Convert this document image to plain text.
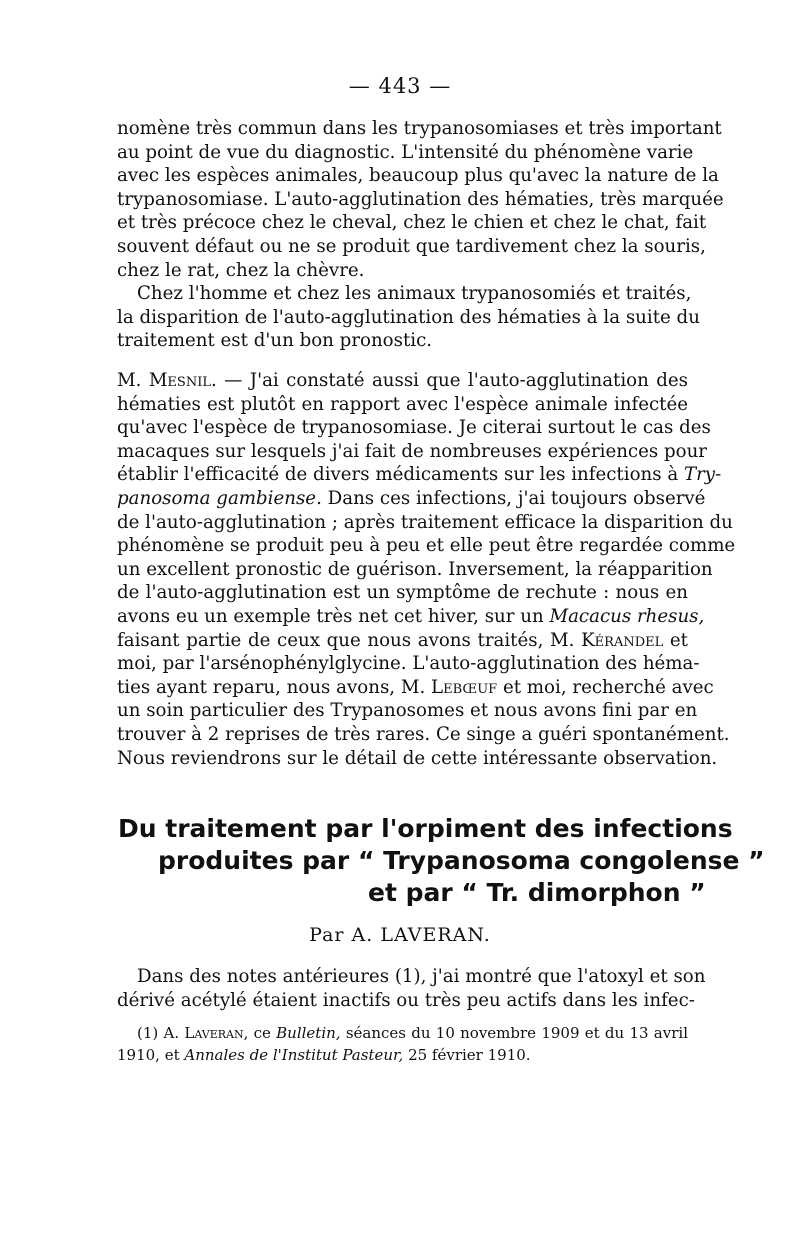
— 443 —
nomène très commun dans les trypanosomiases et très important
au point de vue du diagnostic. L'intensité du phénomène varie
avec les espèces animales, beaucoup plus qu'avec la nature de la
trypanosomiase. L'auto-agglutination des hématies, très marquée
et très précoce chez le cheval, chez le chien et chez le chat, fait
souvent défaut ou ne se produit que tardivement chez la souris,
chez le rat, chez la chèvre.
Chez l'homme et chez les animaux trypanosomiés et traités,
la disparition de l'auto-agglutination des hématies à la suite du
traitement est d'un bon pronostic.
M. Mesnil. — J'ai constaté aussi que l'auto-agglutination des
hématies est plutôt en rapport avec l'espèce animale infectée
qu'avec l'espèce de trypanosomiase. Je citerai surtout le cas des
macaques sur lesquels j'ai fait de nombreuses expériences pour
établir l'efficacité de divers médicaments sur les infections à Try-
panosoma gambiense. Dans ces infections, j'ai toujours observé
de l'auto-agglutination ; après traitement efficace la disparition du
phénomène se produit peu à peu et elle peut être regardée comme
un excellent pronostic de guérison. Inversement, la réapparition
de l'auto-agglutination est un symptôme de rechute : nous en
avons eu un exemple très net cet hiver, sur un Macacus rhesus,
faisant partie de ceux que nous avons traités, M. Kérandel et
moi, par l'arsénophénylglycine. L'auto-agglutination des héma-
ties ayant reparu, nous avons, M. Lebœuf et moi, recherché avec
un soin particulier des Trypanosomes et nous avons fini par en
trouver à 2 reprises de très rares. Ce singe a guéri spontanément.
Nous reviendrons sur le détail de cette intéressante observation.
Du traitement par l'orpiment des infections
produites par “ Trypanosoma congolense ”
et par “ Tr. dimorphon ”
Par A. LAVERAN.
Dans des notes antérieures (1), j'ai montré que l'atoxyl et son
dérivé acétylé étaient inactifs ou très peu actifs dans les infec-
(1) A. Laveran, ce Bulletin, séances du 10 novembre 1909 et du 13 avril
1910, et Annales de l'Institut Pasteur, 25 février 1910.
